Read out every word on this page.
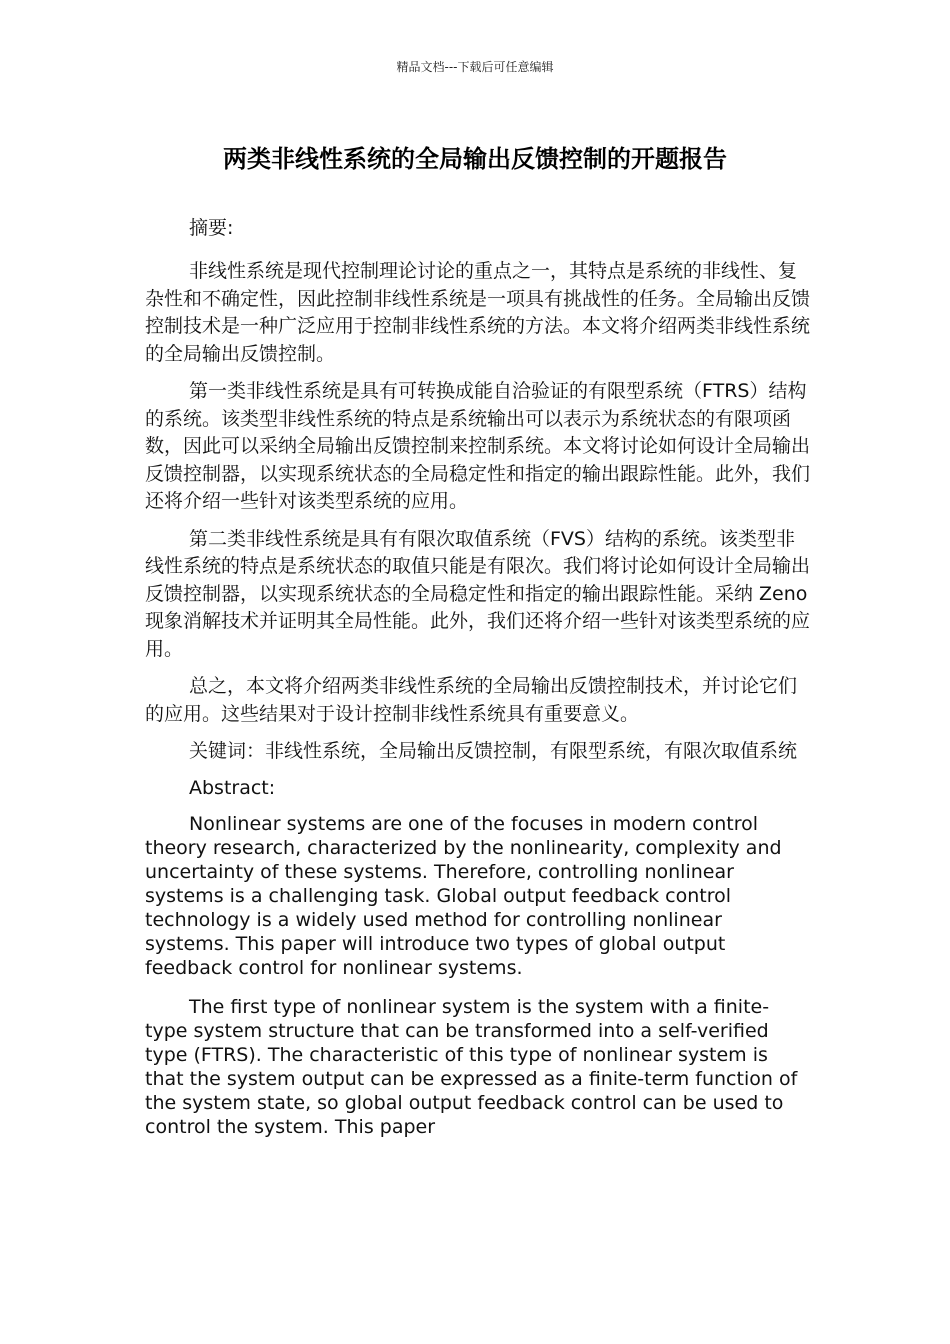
精品文档---下载后可任意编辑
两类非线性系统的全局输出反馈控制的开题报告

摘要:

非线性系统是现代控制理论讨论的重点之一，其特点是系统的非线性、复杂性和不确定性，因此控制非线性系统是一项具有挑战性的任务。全局输出反馈控制技术是一种广泛应用于控制非线性系统的方法。本文将介绍两类非线性系统的全局输出反馈控制。

第一类非线性系统是具有可转换成能自洽验证的有限型系统（FTRS）结构的系统。该类型非线性系统的特点是系统输出可以表示为系统状态的有限项函数，因此可以采纳全局输出反馈控制来控制系统。本文将讨论如何设计全局输出反馈控制器，以实现系统状态的全局稳定性和指定的输出跟踪性能。此外，我们还将介绍一些针对该类型系统的应用。

第二类非线性系统是具有有限次取值系统（FVS）结构的系统。该类型非线性系统的特点是系统状态的取值只能是有限次。我们将讨论如何设计全局输出反馈控制器，以实现系统状态的全局稳定性和指定的输出跟踪性能。采纳 Zeno 现象消解技术并证明其全局性能。此外，我们还将介绍一些针对该类型系统的应用。

总之，本文将介绍两类非线性系统的全局输出反馈控制技术，并讨论它们的应用。这些结果对于设计控制非线性系统具有重要意义。

关键词：非线性系统，全局输出反馈控制，有限型系统，有限次取值系统

Abstract:

Nonlinear systems are one of the focuses in modern control theory research, characterized by the nonlinearity, complexity and uncertainty of these systems. Therefore, controlling nonlinear systems is a challenging task. Global output feedback control technology is a widely used method for controlling nonlinear systems. This paper will introduce two types of global output feedback control for nonlinear systems.

The first type of nonlinear system is the system with a finite-type system structure that can be transformed into a self-verified type (FTRS). The characteristic of this type of nonlinear system is that the system output can be expressed as a finite-term function of the system state, so global output feedback control can be used to control the system. This paper
